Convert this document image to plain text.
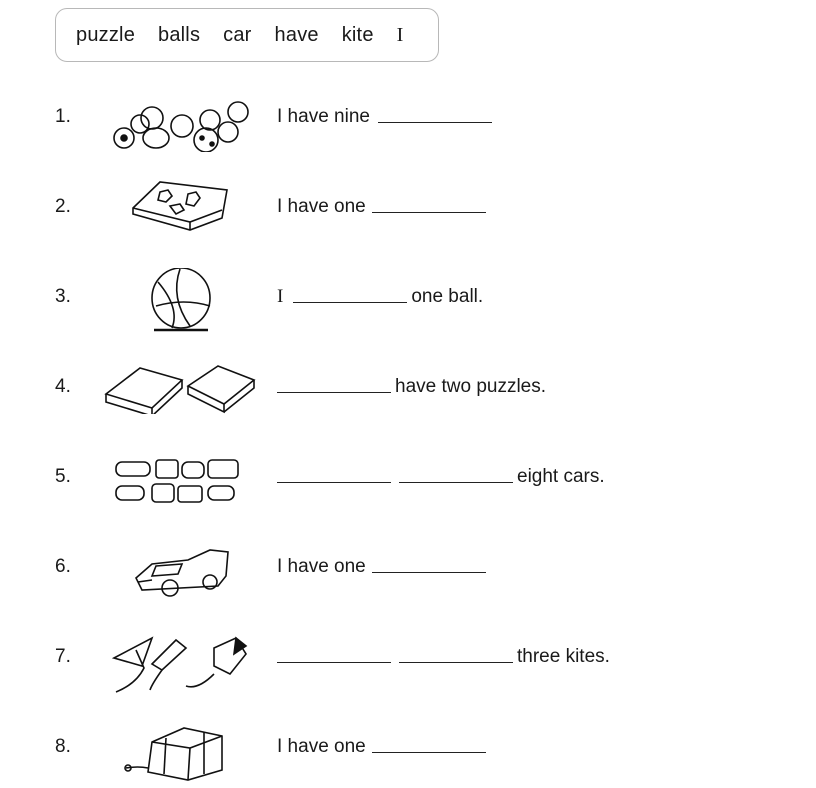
puzzle balls car have kite I
1.	I have nine
2.	I have one
3.	I	one ball.
4.	have two puzzles.
5.	eight cars.
6.	I have one
7.	three kites.
8.	I have one
